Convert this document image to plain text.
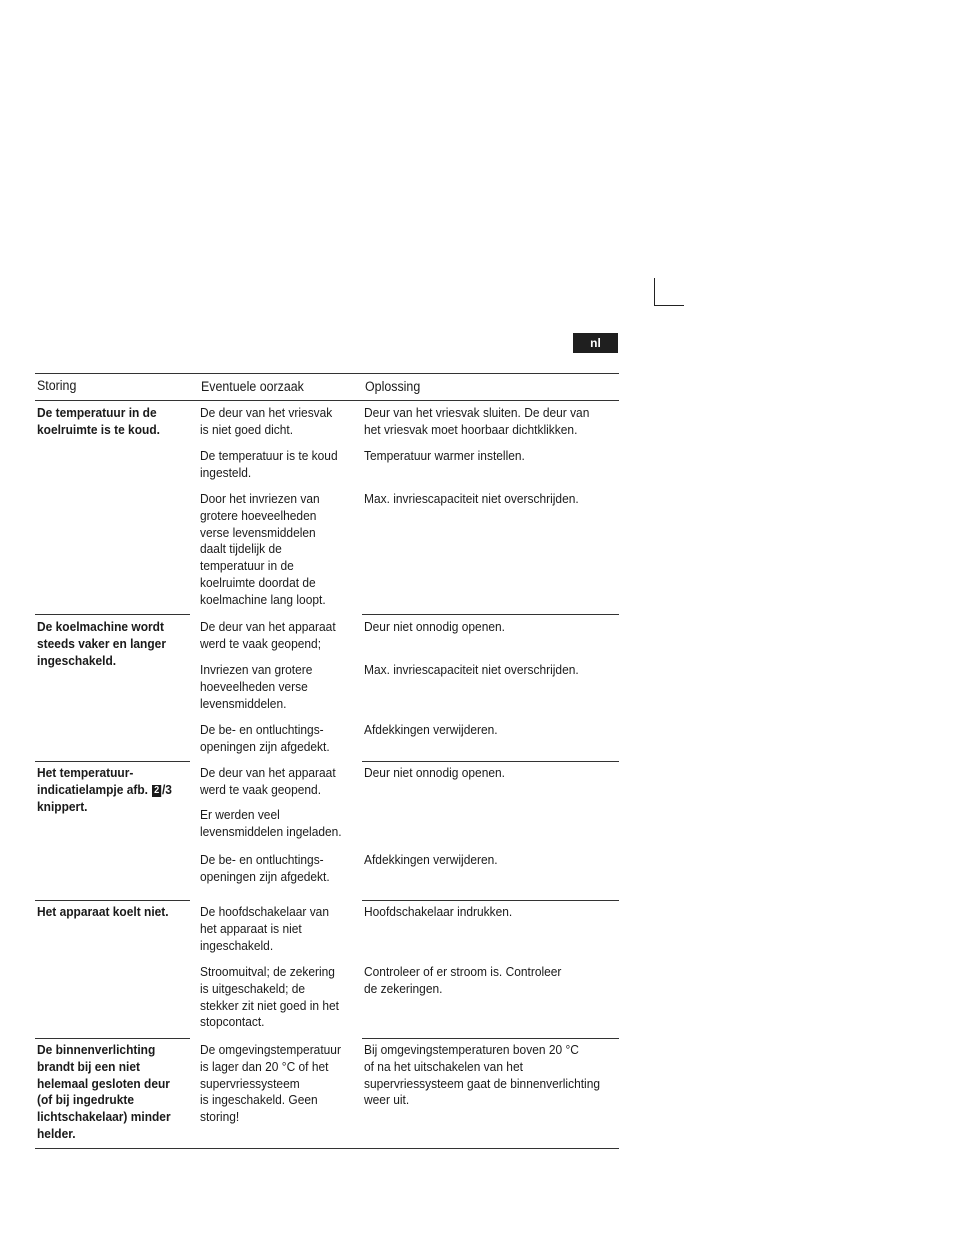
nl
Storing	Eventuele oorzaak	Oplossing
De temperatuur in de
koelruimte is te koud.
De deur van het vriesvak
is niet goed dicht.
Deur van het vriesvak sluiten. De deur van
het vriesvak moet hoorbaar dichtklikken.
De temperatuur is te koud
ingesteld.
Temperatuur warmer instellen.
Door het invriezen van
grotere hoeveelheden
verse levensmiddelen
daalt tijdelijk de
temperatuur in de
koelruimte doordat de
koelmachine lang loopt.
Max. invriescapaciteit niet overschrijden.
De koelmachine wordt
steeds vaker en langer
ingeschakeld.
De deur van het apparaat
werd te vaak geopend;
Deur niet onnodig openen.
Invriezen van grotere
hoeveelheden verse
levensmiddelen.
Max. invriescapaciteit niet overschrijden.
De be- en ontluchtings-
openingen zijn afgedekt.
Afdekkingen verwijderen.
Het temperatuur-
indicatielampje afb. 2 /3
knippert.
De deur van het apparaat
werd te vaak geopend.
Deur niet onnodig openen.
Er werden veel
levensmiddelen ingeladen.
De be- en ontluchtings-
openingen zijn afgedekt.
Afdekkingen verwijderen.
Het apparaat koelt niet. De hoofdschakelaar van
het apparaat is niet
ingeschakeld.
Hoofdschakelaar indrukken.
Stroomuitval; de zekering
is uitgeschakeld; de
stekker zit niet goed in het
stopcontact.
Controleer of er stroom is. Controleer
de zekeringen.
De binnenverlichting
brandt bij een niet
helemaal gesloten deur
(of bij ingedrukte
lichtschakelaar) minder
helder.
De omgevingstemperatuur
is lager dan 20 °C of het
supervriessysteem
is ingeschakeld. Geen
storing!
Bij omgevingstemperaturen boven 20 °C
of na het uitschakelen van het
supervriessysteem gaat de binnenverlichting
weer uit.
